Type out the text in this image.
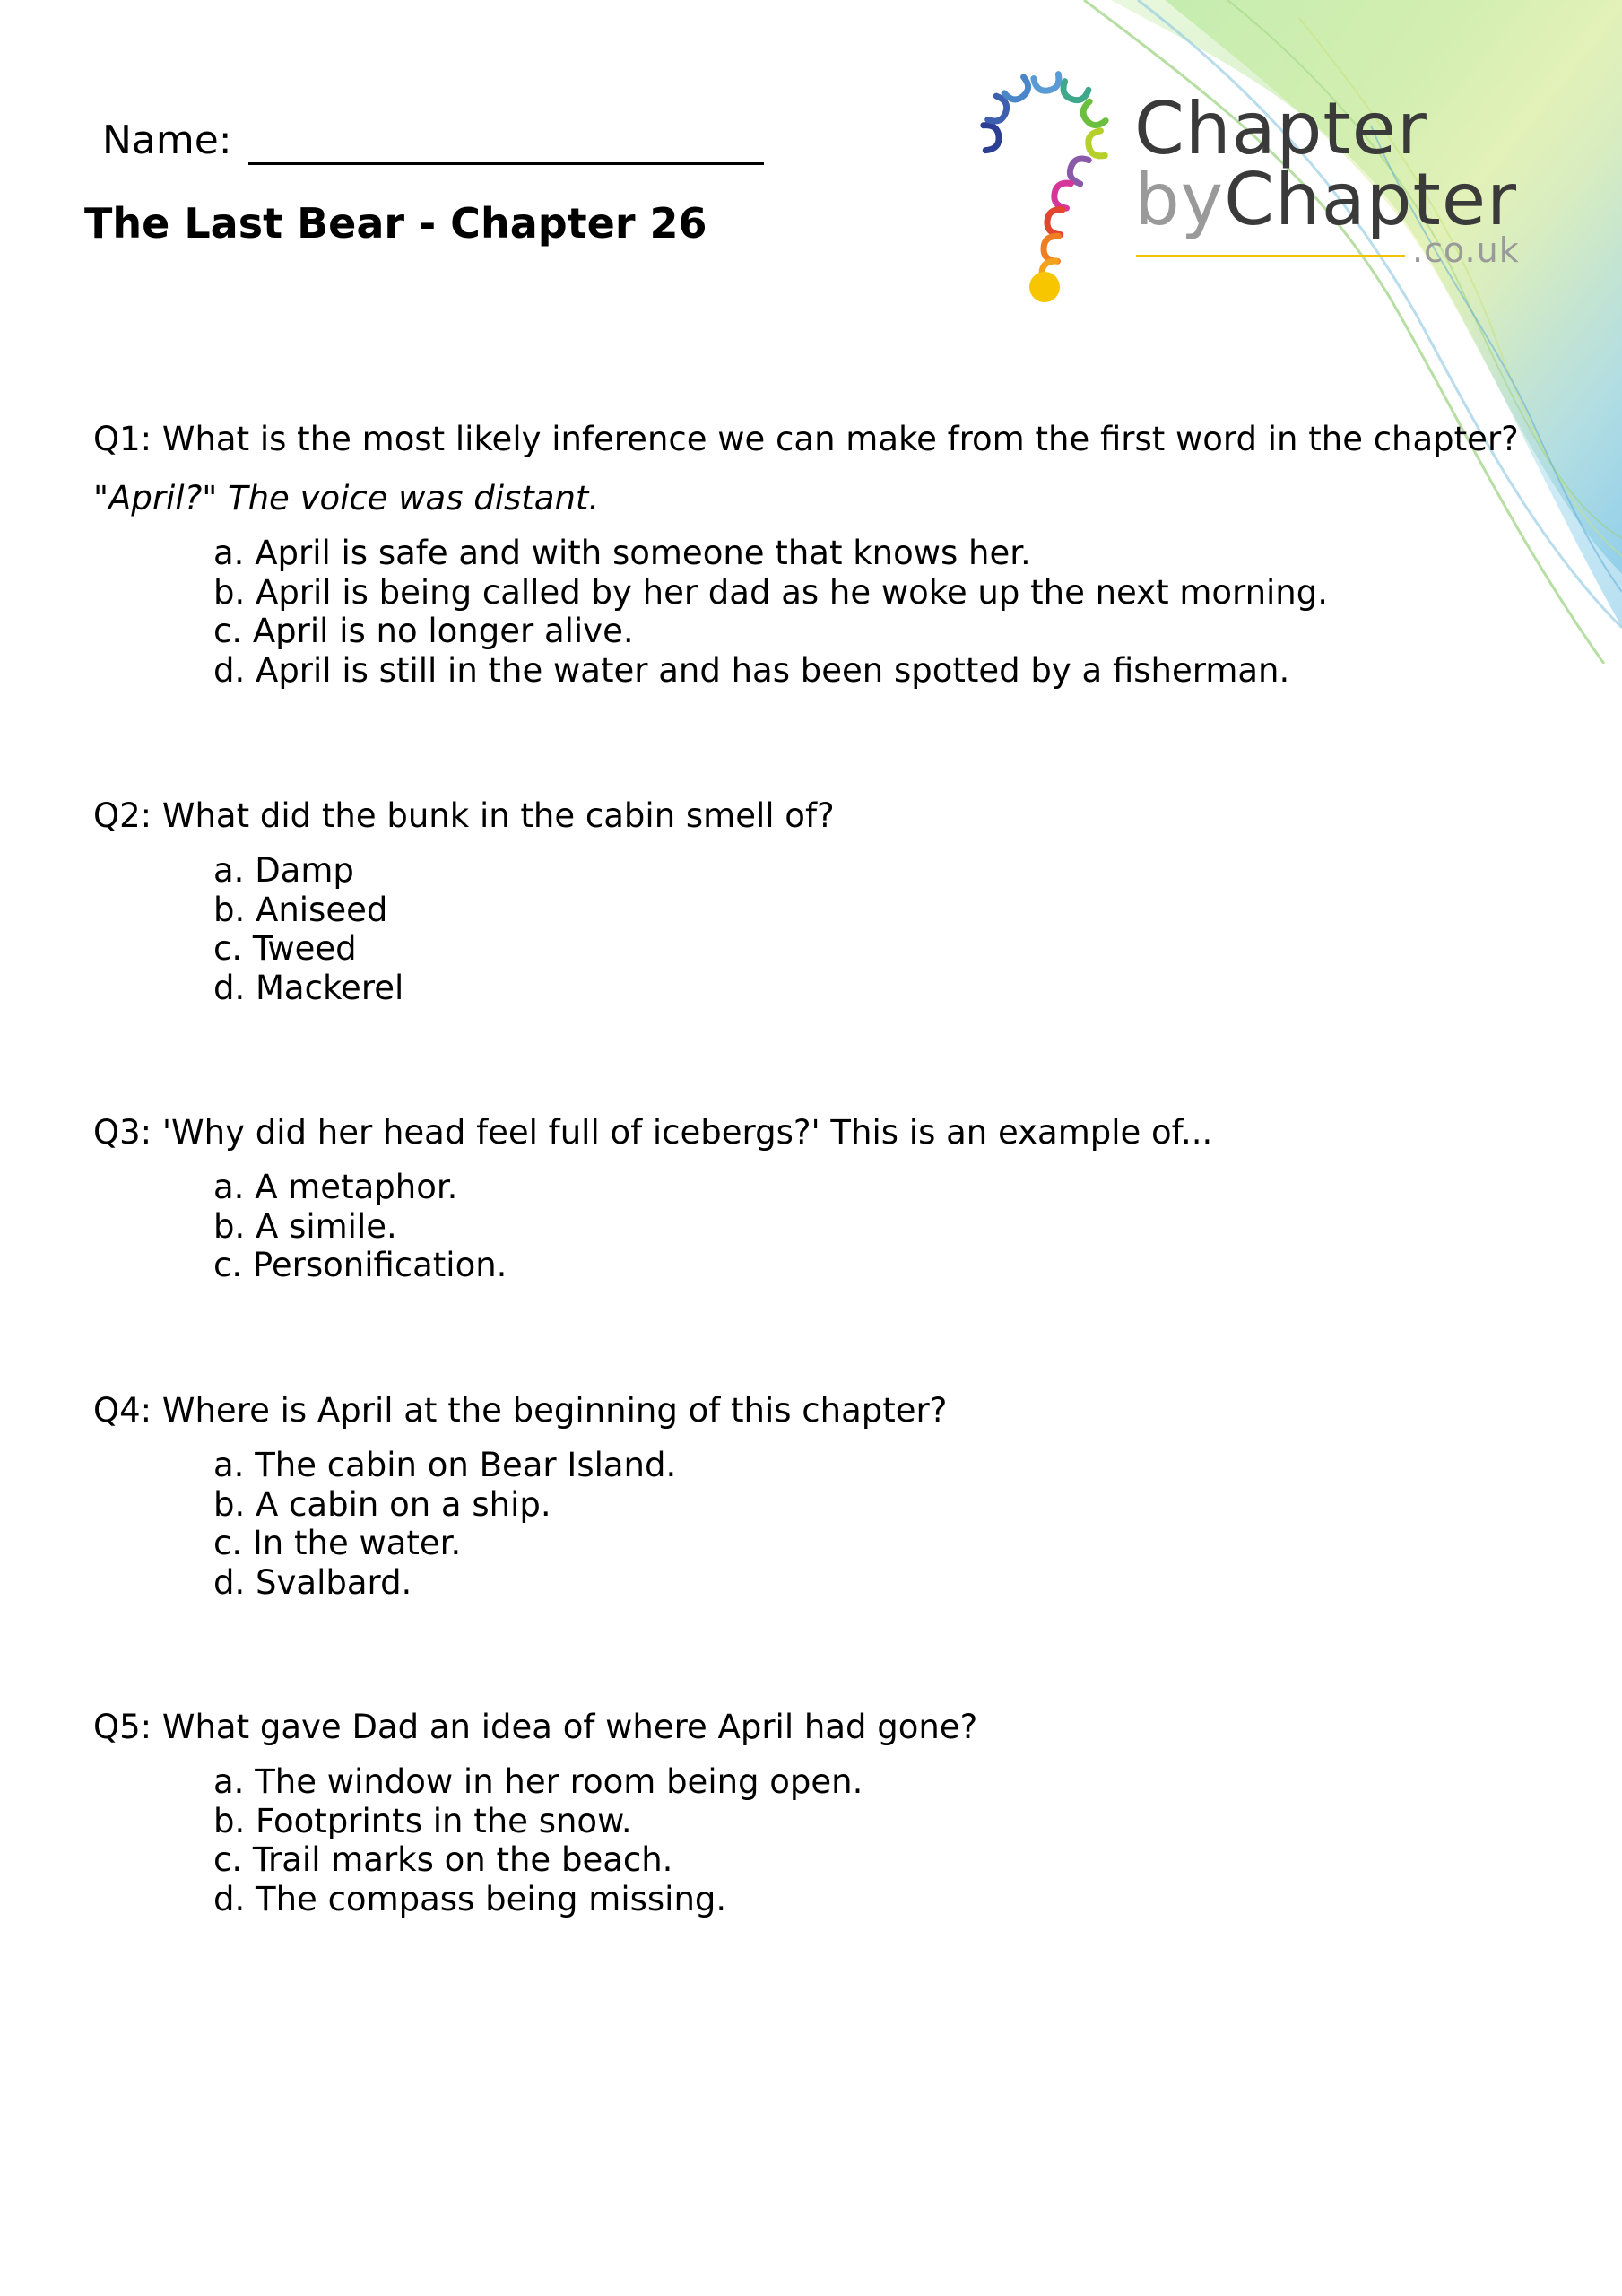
Chapter
byChapter
.co.uk
Name:
The Last Bear - Chapter 26
Q1: What is the most likely inference we can make from the first word in the chapter?
"April?" The voice was distant.
a. April is safe and with someone that knows her.
b. April is being called by her dad as he woke up the next morning.
c. April is no longer alive.
d. April is still in the water and has been spotted by a fisherman.
Q2: What did the bunk in the cabin smell of?
a. Damp
b. Aniseed
c. Tweed
d. Mackerel
Q3: 'Why did her head feel full of icebergs?' This is an example of...
a. A metaphor.
b. A simile.
c. Personification.
Q4: Where is April at the beginning of this chapter?
a. The cabin on Bear Island.
b. A cabin on a ship.
c. In the water.
d. Svalbard.
Q5: What gave Dad an idea of where April had gone?
a. The window in her room being open.
b. Footprints in the snow.
c. Trail marks on the beach.
d. The compass being missing.
